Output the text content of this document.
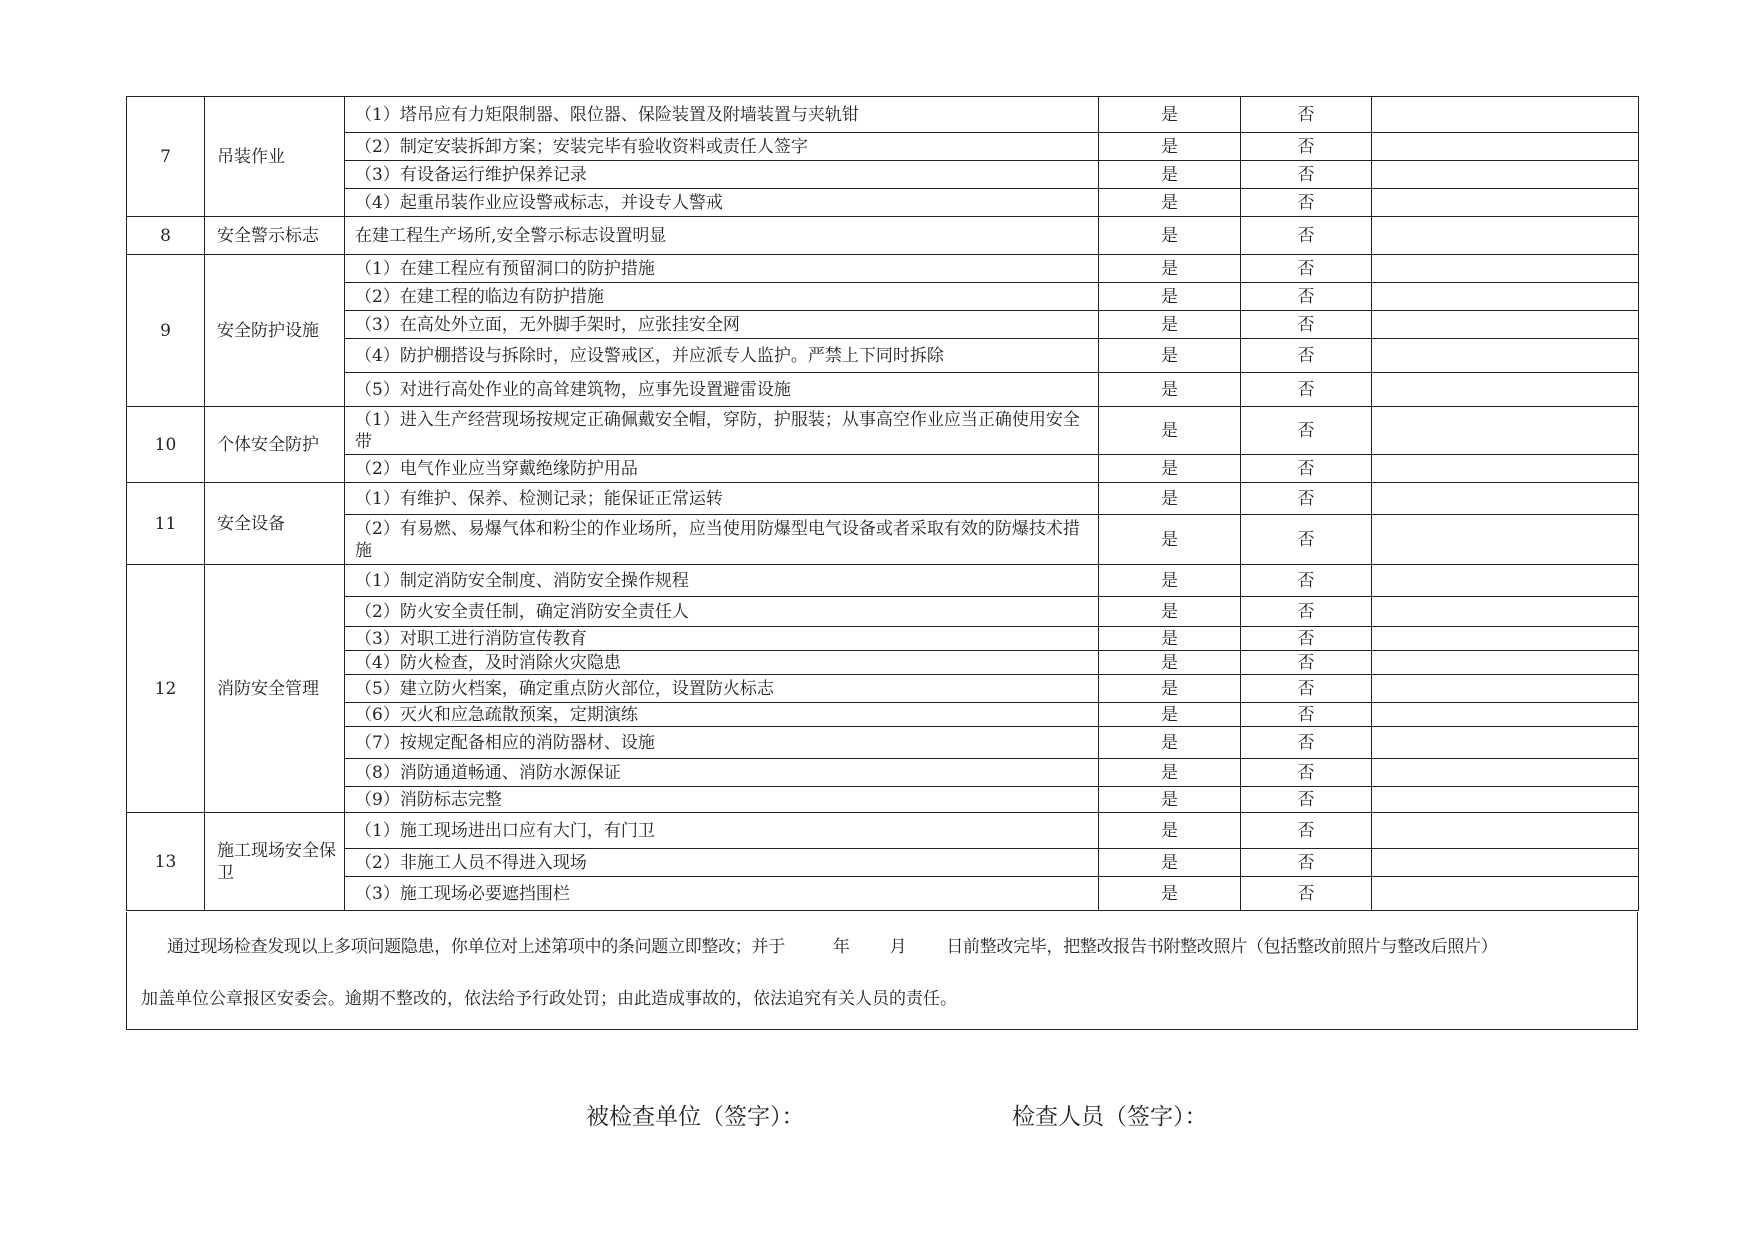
7	吊装作业	（1）塔吊应有力矩限制器、限位器、保险装置及附墙装置与夹轨钳	是	否	
		（2）制定安装拆卸方案；安装完毕有验收资料或责任人签字	是	否	
		（3）有设备运行维护保养记录	是	否	
		（4）起重吊装作业应设警戒标志，并设专人警戒	是	否	
8	安全警示标志	在建工程生产场所,安全警示标志设置明显	是	否	
9	安全防护设施	（1）在建工程应有预留洞口的防护措施	是	否	
		（2）在建工程的临边有防护措施	是	否	
		（3）在高处外立面，无外脚手架时，应张挂安全网	是	否	
		（4）防护棚搭设与拆除时，应设警戒区，并应派专人监护。严禁上下同时拆除	是	否	
		（5）对进行高处作业的高耸建筑物，应事先设置避雷设施	是	否	
10	个体安全防护	（1）进入生产经营现场按规定正确佩戴安全帽，穿防，护服装；从事高空作业应当正确使用安全带	是	否	
		（2）电气作业应当穿戴绝缘防护用品	是	否	
11	安全设备	（1）有维护、保养、检测记录；能保证正常运转	是	否	
		（2）有易燃、易爆气体和粉尘的作业场所，应当使用防爆型电气设备或者采取有效的防爆技术措施	是	否	
12	消防安全管理	（1）制定消防安全制度、消防安全操作规程	是	否	
		（2）防火安全责任制，确定消防安全责任人	是	否	
		（3）对职工进行消防宣传教育	是	否	
		（4）防火检查，及时消除火灾隐患	是	否	
		（5）建立防火档案，确定重点防火部位，设置防火标志	是	否	
		（6）灭火和应急疏散预案，定期演练	是	否	
		（7）按规定配备相应的消防器材、设施	是	否	
		（8）消防通道畅通、消防水源保证	是	否	
		（9）消防标志完整	是	否	
13	施工现场安全保卫	（1）施工现场进出口应有大门，有门卫	是	否	
		（2）非施工人员不得进入现场	是	否	
		（3）施工现场必要遮挡围栏	是	否	
通过现场检查发现以上多项问题隐患，你单位对上述第项中的条问题立即整改；并于	年 月 日前整改完毕，把整改报告书附整改照片（包括整改前照片与整改后照片）
加盖单位公章报区安委会。逾期不整改的，依法给予行政处罚；由此造成事故的，依法追究有关人员的责任。
被检查单位（签字）：	检查人员（签字）：
